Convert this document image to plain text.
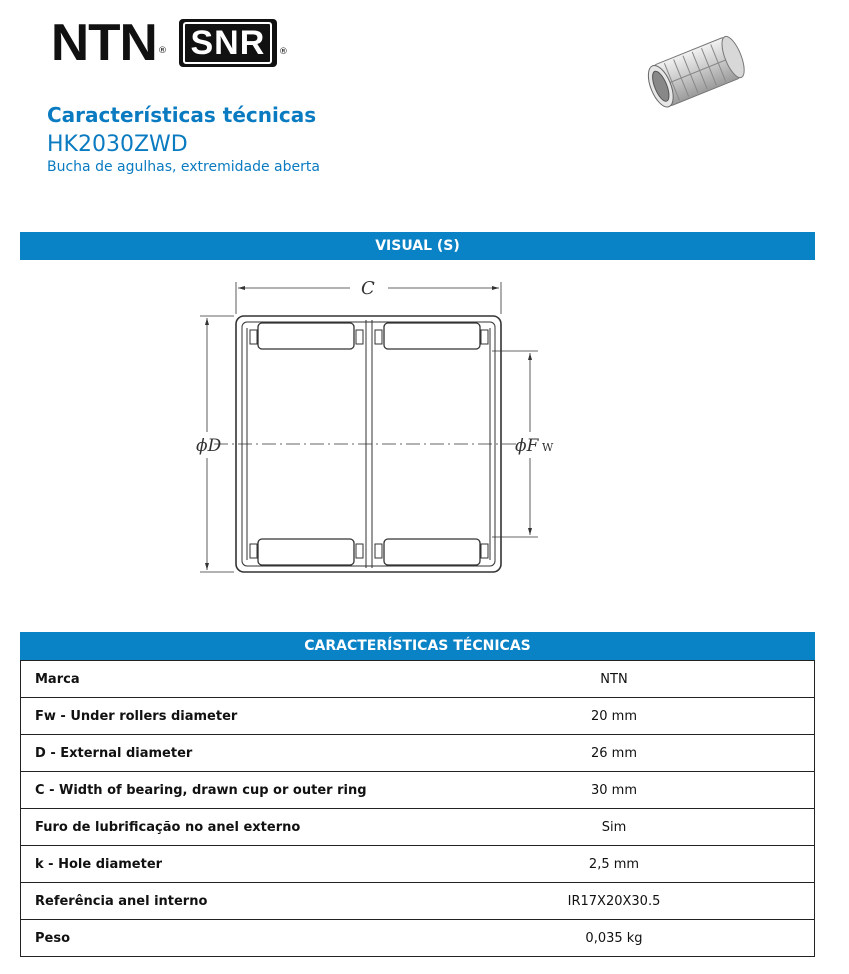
NTN ® SNR	®
Características técnicas
HK2030ZWD
Bucha de agulhas, extremidade aberta
VISUAL (S)
C
ϕD	ϕF W
CARACTERÍSTICAS TÉCNICAS
Marca	NTN
Fw - Under rollers diameter	20 mm
D - External diameter	26 mm
C - Width of bearing, drawn cup or outer ring	30 mm
Furo de lubrificação no anel externo	Sim
k - Hole diameter	2,5 mm
Referência anel interno	IR17X20X30.5
Peso	0,035 kg
